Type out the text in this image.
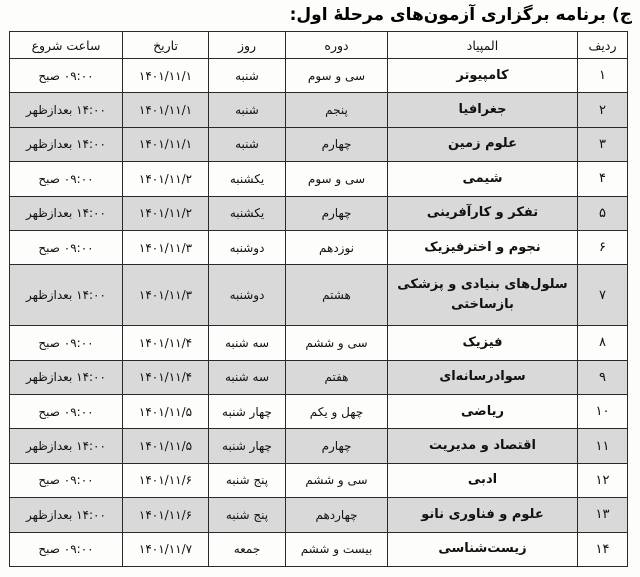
ج) برنامه برگزاری آزمون‌های مرحلهٔ اول:
ردیف	المپیاد	دوره	روز	تاریخ	ساعت شروع
۱	کامپیوتر	سی و سوم	شنبه	۱۴۰۱/۱۱/۱	۰۹:۰۰ صبح
۲	جغرافیا	پنجم	شنبه	۱۴۰۱/۱۱/۱	۱۴:۰۰ بعدازظهر
۳	علوم زمین	چهارم	شنبه	۱۴۰۱/۱۱/۱	۱۴:۰۰ بعدازظهر
۴	شیمی	سی و سوم	یکشنبه	۱۴۰۱/۱۱/۲	۰۹:۰۰ صبح
۵	تفکر و کارآفرینی	چهارم	یکشنبه	۱۴۰۱/۱۱/۲	۱۴:۰۰ بعدازظهر
۶	نجوم و اخترفیزیک	نوزدهم	دوشنبه	۱۴۰۱/۱۱/۳	۰۹:۰۰ صبح
۷	سلول‌های بنیادی و پزشکی بازساختی	هشتم	دوشنبه	۱۴۰۱/۱۱/۳	۱۴:۰۰ بعدازظهر
۸	فیزیک	سی و ششم	سه شنبه	۱۴۰۱/۱۱/۴	۰۹:۰۰ صبح
۹	سوادرسانه‌ای	هفتم	سه شنبه	۱۴۰۱/۱۱/۴	۱۴:۰۰ بعدازظهر
۱۰	ریاضی	چهل و یکم	چهار شنبه	۱۴۰۱/۱۱/۵	۰۹:۰۰ صبح
۱۱	اقتصاد و مدیریت	چهارم	چهار شنبه	۱۴۰۱/۱۱/۵	۱۴:۰۰ بعدازظهر
۱۲	ادبی	سی و ششم	پنج شنبه	۱۴۰۱/۱۱/۶	۰۹:۰۰ صبح
۱۳	علوم و فناوری نانو	چهاردهم	پنج شنبه	۱۴۰۱/۱۱/۶	۱۴:۰۰ بعدازظهر
۱۴	زیست‌شناسی	بیست و ششم	جمعه	۱۴۰۱/۱۱/۷	۰۹:۰۰ صبح
